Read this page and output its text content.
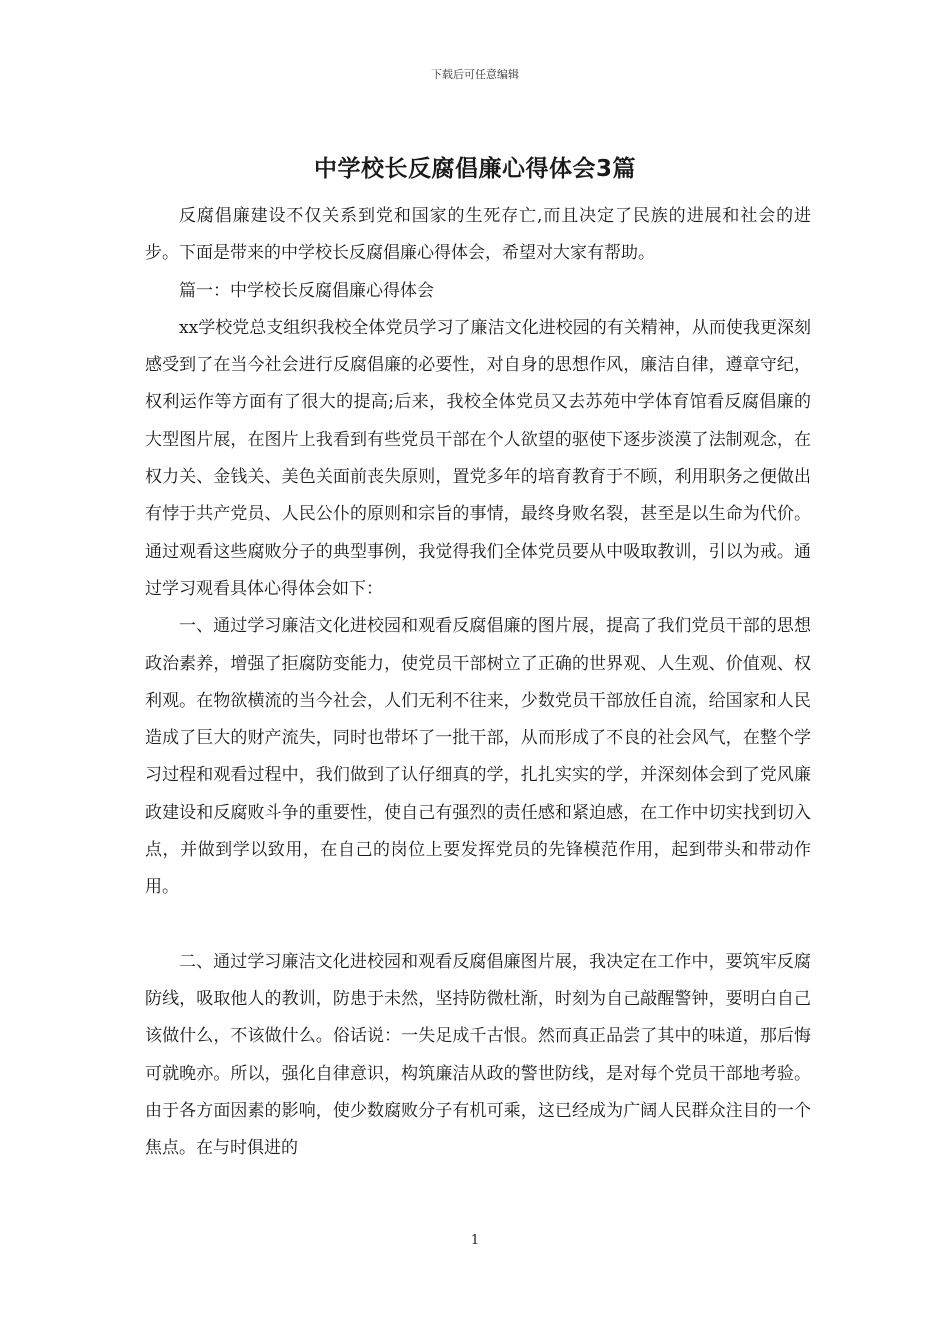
下载后可任意编辑
中学校长反腐倡廉心得体会3篇

反腐倡廉建设不仅关系到党和国家的生死存亡,而且决定了民族的进展和社会的进步。下面是带来的中学校长反腐倡廉心得体会，希望对大家有帮助。

篇一：中学校长反腐倡廉心得体会

xx学校党总支组织我校全体党员学习了廉洁文化进校园的有关精神，从而使我更深刻感受到了在当今社会进行反腐倡廉的必要性，对自身的思想作风，廉洁自律，遵章守纪，权利运作等方面有了很大的提高;后来，我校全体党员又去苏苑中学体育馆看反腐倡廉的大型图片展，在图片上我看到有些党员干部在个人欲望的驱使下逐步淡漠了法制观念，在权力关、金钱关、美色关面前丧失原则，置党多年的培育教育于不顾，利用职务之便做出有悖于共产党员、人民公仆的原则和宗旨的事情，最终身败名裂，甚至是以生命为代价。通过观看这些腐败分子的典型事例，我觉得我们全体党员要从中吸取教训，引以为戒。通过学习观看具体心得体会如下：

一、通过学习廉洁文化进校园和观看反腐倡廉的图片展，提高了我们党员干部的思想政治素养，增强了拒腐防变能力，使党员干部树立了正确的世界观、人生观、价值观、权利观。在物欲横流的当今社会，人们无利不往来，少数党员干部放任自流，给国家和人民造成了巨大的财产流失，同时也带坏了一批干部，从而形成了不良的社会风气，在整个学习过程和观看过程中，我们做到了认仔细真的学，扎扎实实的学，并深刻体会到了党风廉政建设和反腐败斗争的重要性，使自己有强烈的责任感和紧迫感，在工作中切实找到切入点，并做到学以致用，在自己的岗位上要发挥党员的先锋模范作用，起到带头和带动作用。

二、通过学习廉洁文化进校园和观看反腐倡廉图片展，我决定在工作中，要筑牢反腐防线，吸取他人的教训，防患于未然，坚持防微杜渐，时刻为自己敲醒警钟，要明白自己该做什么，不该做什么。俗话说：一失足成千古恨。然而真正品尝了其中的味道，那后悔可就晚亦。所以，强化自律意识，构筑廉洁从政的警世防线，是对每个党员干部地考验。由于各方面因素的影响，使少数腐败分子有机可乘，这已经成为广阔人民群众注目的一个焦点。在与时俱进的

1
